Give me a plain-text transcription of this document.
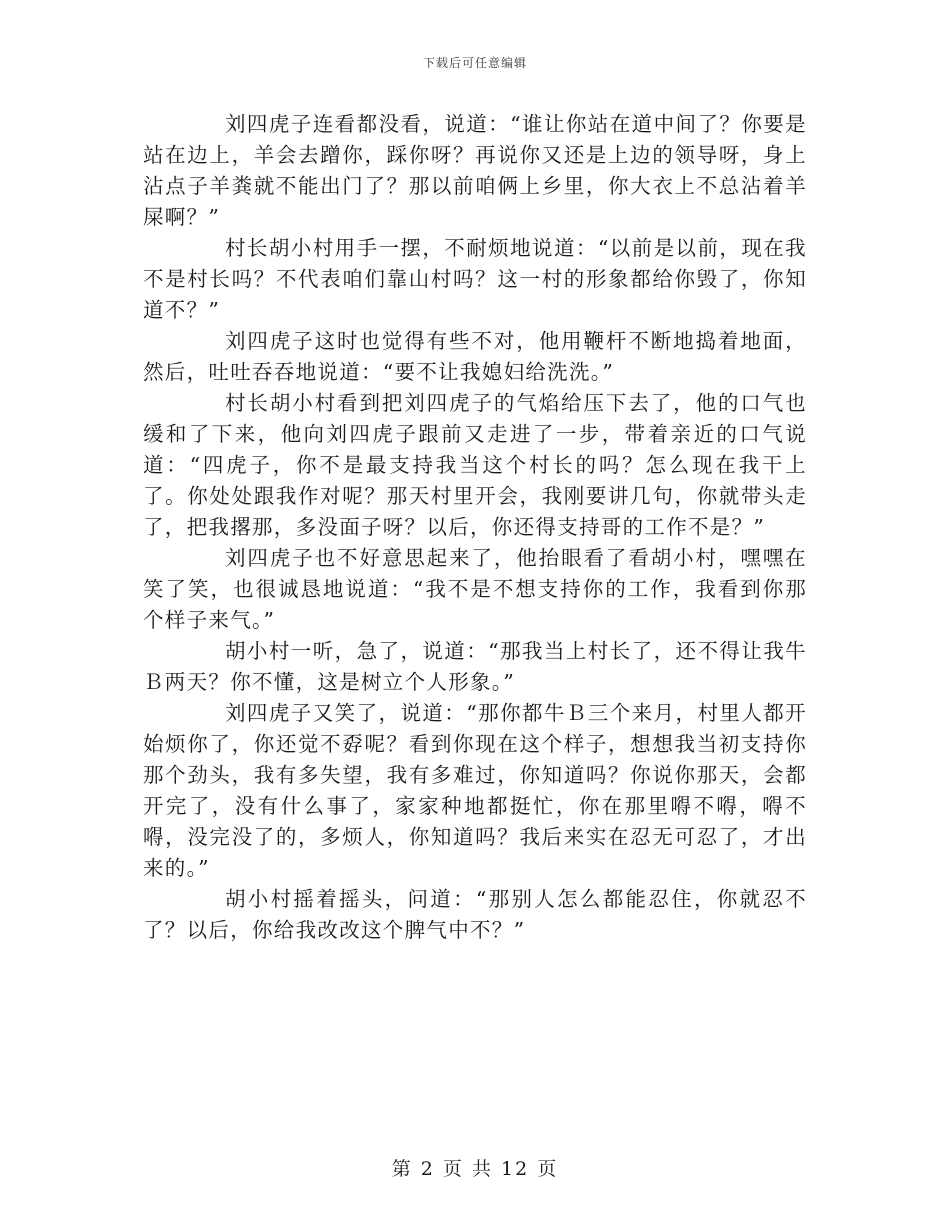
下载后可任意编辑

刘四虎子连看都没看，说道：“谁让你站在道中间了？你要是站在边上，羊会去蹭你，踩你呀？再说你又还是上边的领导呀，身上沾点子羊粪就不能出门了？那以前咱俩上乡里，你大衣上不总沾着羊屎啊？”

村长胡小村用手一摆，不耐烦地说道：“以前是以前，现在我不是村长吗？不代表咱们靠山村吗？这一村的形象都给你毁了，你知道不？”

刘四虎子这时也觉得有些不对，他用鞭杆不断地捣着地面，然后，吐吐吞吞地说道：“要不让我媳妇给洗洗。”

村长胡小村看到把刘四虎子的气焰给压下去了，他的口气也缓和了下来，他向刘四虎子跟前又走进了一步，带着亲近的口气说道：“四虎子，你不是最支持我当这个村长的吗？怎么现在我干上了。你处处跟我作对呢？那天村里开会，我刚要讲几句，你就带头走了，把我撂那，多没面子呀？以后，你还得支持哥的工作不是？”

刘四虎子也不好意思起来了，他抬眼看了看胡小村，嘿嘿在笑了笑，也很诚恳地说道：“我不是不想支持你的工作，我看到你那个样子来气。”

胡小村一听，急了，说道：“那我当上村长了，还不得让我牛Ｂ两天？你不懂，这是树立个人形象。”

刘四虎子又笑了，说道：“那你都牛Ｂ三个来月，村里人都开始烦你了，你还觉不孬呢？看到你现在这个样子，想想我当初支持你那个劲头，我有多失望，我有多难过，你知道吗？你说你那天，会都开完了，没有什么事了，家家种地都挺忙，你在那里嘚不嘚，嘚不嘚，没完没了的，多烦人，你知道吗？我后来实在忍无可忍了，才出来的。”

胡小村摇着摇头，问道：“那别人怎么都能忍住，你就忍不了？以后，你给我改改这个脾气中不？”

第 2 页 共 12 页
